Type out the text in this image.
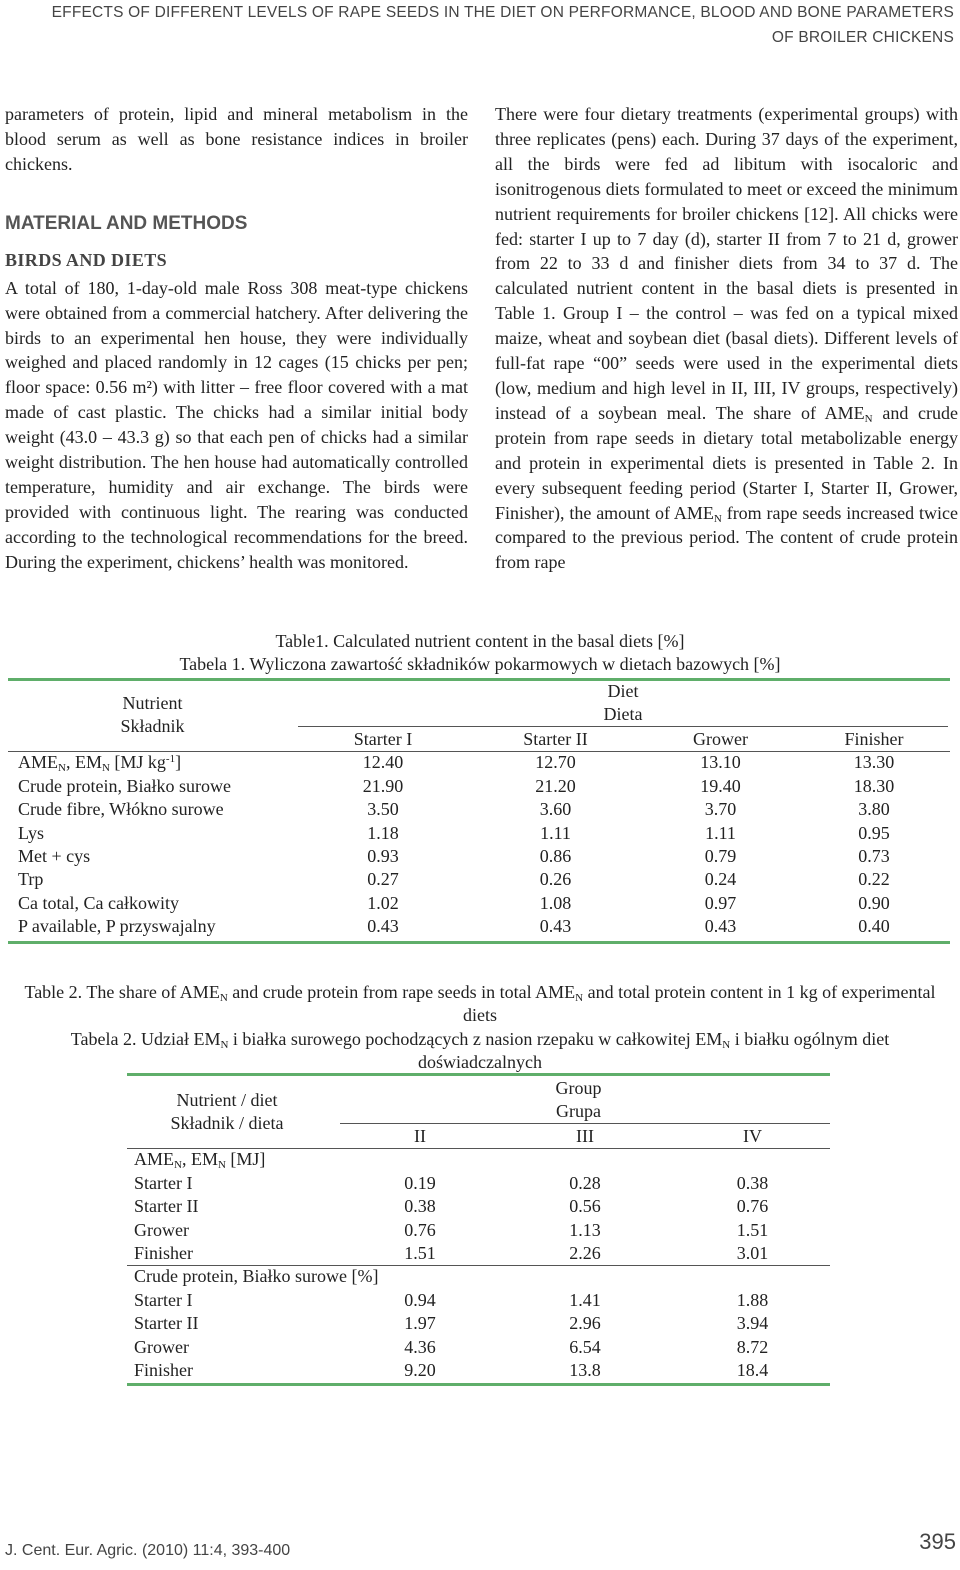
EFFECTS OF DIFFERENT LEVELS OF RAPE SEEDS IN THE DIET ON PERFORMANCE, BLOOD AND BONE PARAMETERS
OF BROILER CHICKENS

parameters of protein, lipid and mineral metabolism in the blood serum as well as bone resistance indices in broiler chickens.

MATERIAL AND METHODS

BIRDS AND DIETS

A total of 180, 1-day-old male Ross 308 meat-type chickens were obtained from a commercial hatchery. After delivering the birds to an experimental hen house, they were individually weighed and placed randomly in 12 cages (15 chicks per pen; floor space: 0.56 m²) with litter – free floor covered with a mat made of cast plastic. The chicks had a similar initial body weight (43.0 – 43.3 g) so that each pen of chicks had a similar weight distribution. The hen house had automatically controlled temperature, humidity and air exchange. The birds were provided with continuous light. The rearing was conducted according to the technological recommendations for the breed. During the experiment, chickens’ health was monitored.

There were four dietary treatments (experimental groups) with three replicates (pens) each. During 37 days of the experiment, all the birds were fed ad libitum with isocaloric and isonitrogenous diets formulated to meet or exceed the minimum nutrient requirements for broiler chickens [12]. All chicks were fed: starter I up to 7 day (d), starter II from 7 to 21 d, grower from 22 to 33 d and finisher diets from 34 to 37 d. The calculated nutrient content in the basal diets is presented in Table 1. Group I – the control – was fed on a typical mixed maize, wheat and soybean diet (basal diets). Different levels of full-fat rape “00” seeds were used in the experimental diets (low, medium and high level in II, III, IV groups, respectively) instead of a soybean meal. The share of $AME_N$ and crude protein from rape seeds in dietary total metabolizable energy and protein in experimental diets is presented in Table 2. In every subsequent feeding period (Starter I, Starter II, Grower, Finisher), the amount of $AME_N$ from rape seeds increased twice compared to the previous period. The content of crude protein from rape

Table1. Calculated nutrient content in the basal diets [%]
Tabela 1. Wyliczona zawartość składników pokarmowych w dietach bazowych [%]
Nutrient
Składnik
Diet
Dieta
	Starter I	Starter II	Grower	Finisher
$AME_N$, $EM_N$ [MJ $kg^{-1}$]	12.40	12.70	13.10	13.30
Crude protein, Białko surowe	21.90	21.20	19.40	18.30
Crude fibre, Włókno surowe	3.50	3.60	3.70	3.80
Lys	1.18	1.11	1.11	0.95
Met + cys	0.93	0.86	0.79	0.73
Trp	0.27	0.26	0.24	0.22
Ca total, Ca całkowity	1.02	1.08	0.97	0.90
P available, P przyswajalny	0.43	0.43	0.43	0.40
Table 2. The share of $AME_N$ and crude protein from rape seeds in total $AME_N$ and total protein content in 1 kg of experimental diets
Tabela 2. Udział $EM_N$ i białka surowego pochodzących z nasion rzepaku w całkowitej $EM_N$ i białku ogólnym diet doświadczalnych
Nutrient / diet
Składnik / dieta
Group
Grupa
	II	III	IV
$AME_N$, $EM_N$ [MJ]			
Starter I	0.19	0.28	0.38
Starter II	0.38	0.56	0.76
Grower	0.76	1.13	1.51
Finisher	1.51	2.26	3.01
Crude protein, Białko surowe [%]			
Starter I	0.94	1.41	1.88
Starter II	1.97	2.96	3.94
Grower	4.36	6.54	8.72
Finisher	9.20	13.8	18.4
J. Cent. Eur. Agric. (2010) 11:4, 393-400	395
